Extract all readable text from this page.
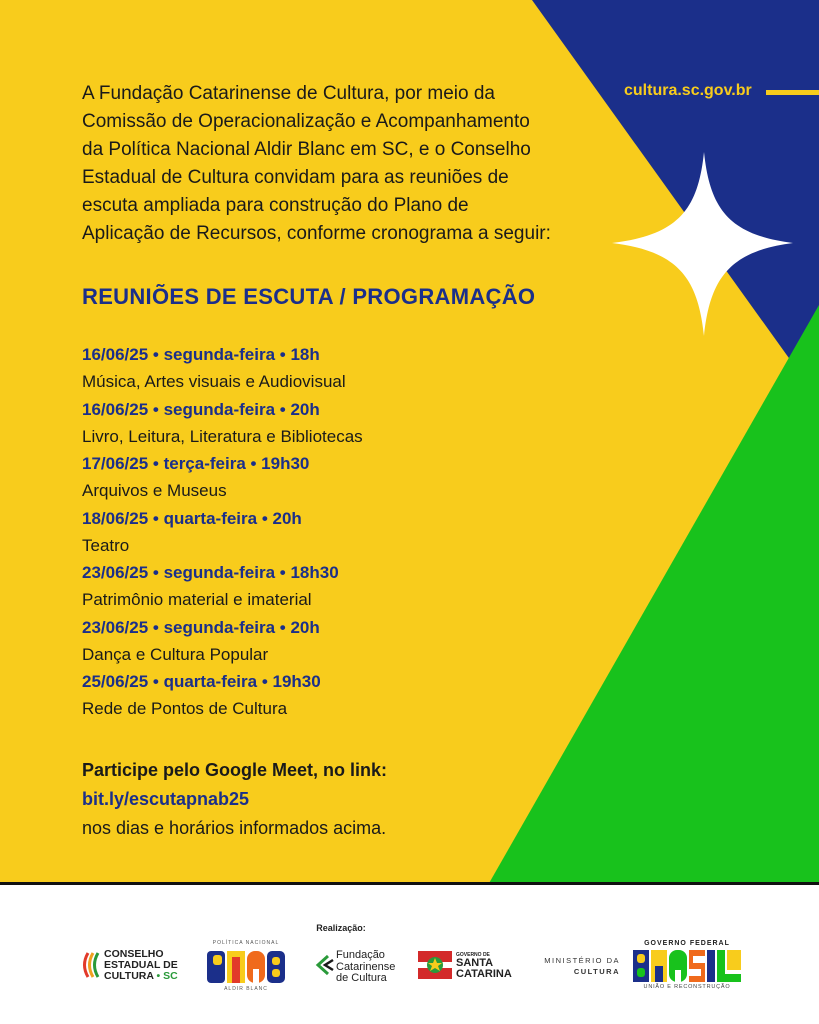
A Fundação Catarinense de Cultura, por meio da
Comissão de Operacionalização e Acompanhamento
da Política Nacional Aldir Blanc em SC, e o Conselho
Estadual de Cultura convidam para as reuniões de
escuta ampliada para construção do Plano de
Aplicação de Recursos, conforme cronograma a seguir:
cultura.sc.gov.br
REUNIÕES DE ESCUTA / PROGRAMAÇÃO
16/06/25 • segunda-feira • 18h
Música, Artes visuais e Audiovisual
16/06/25 • segunda-feira • 20h
Livro, Leitura, Literatura e Bibliotecas
17/06/25 • terça-feira • 19h30
Arquivos e Museus
18/06/25 • quarta-feira • 20h
Teatro
23/06/25 • segunda-feira • 18h30
Patrimônio material e imaterial
23/06/25 • segunda-feira • 20h
Dança e Cultura Popular
25/06/25 • quarta-feira • 19h30
Rede de Pontos de Cultura
Participe pelo Google Meet, no link:
bit.ly/escutapnab25
nos dias e horários informados acima.
Realização:
CONSELHO
ESTADUAL DE
CULTURA • SC
POLÍTICA NACIONAL
ALDIR BLANC
Fundação
Catarinense
de Cultura
GOVERNO DE
SANTA
CATARINA
MINISTÉRIO DA
CULTURA
GOVERNO FEDERAL
UNIÃO E RECONSTRUÇÃO
